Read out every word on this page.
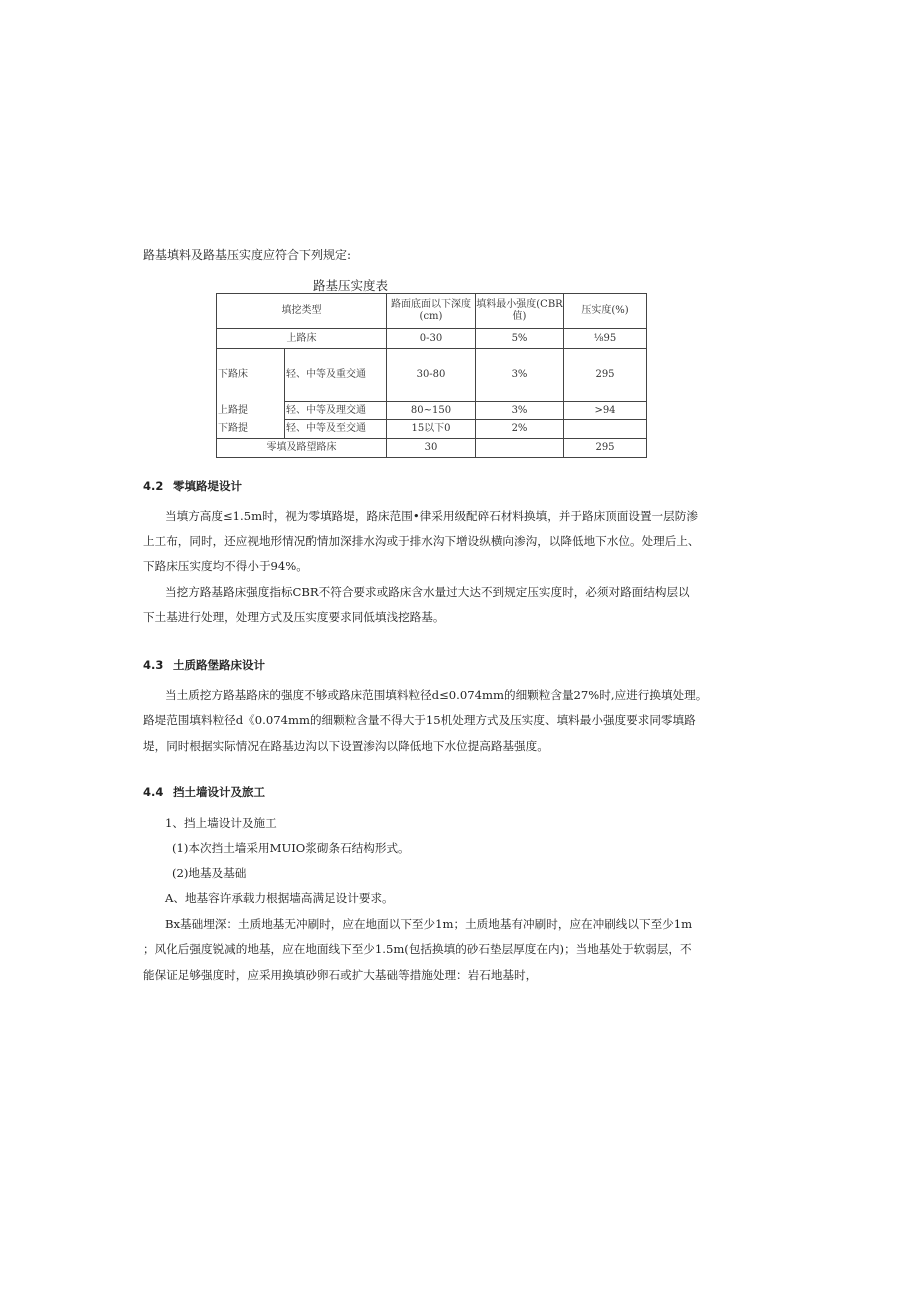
路基填料及路基压实度应符合下列规定:
路基压实度表
填挖类型		路面底面以下深度(cm)	填料最小强度(CBR值)	压实度(%)
上路床		0-30	5%	⅛95
下路床	轻、中等及重交通	30-80	3%	295
上路提	轻、中等及理交通	80~150	3%	>94
下路提	轻、中等及至交通	15以下0	2%	
零填及路望路床		30		295
4.2 零填路堤设计
当填方高度≤1.5m时，视为零填路堤，路床范围•律采用级配碎石材料换填，并于路床顶面设置一层防渗
上工布，同时，还应视地形情况酌情加深排水沟或于排水沟下增设纵横向渗沟，以降低地下水位。处理后上、
下路床压实度均不得小于94%。
当挖方路基路床强度指标CBR不符合要求或路床含水量过大达不到规定压实度时，必须对路面结构层以
下土基进行处理，处理方式及压实度要求同低填浅挖路基。
4.3 土质路堡路床设计
当土质挖方路基路床的强度不够或路床范围填料粒径d≤0.074mm的细颗粒含量27%时,应进行换填处理。
路堤范围填料粒径d《0.074mm的细颗粒含量不得大于15机处理方式及压实度、填料最小强度要求同零填路
堤，同时根据实际情况在路基边沟以下设置渗沟以降低地下水位提高路基强度。
4.4 挡土墙设计及旅工
1、挡上墙设计及施工
(1)本次挡土墙采用MUIO浆砌条石结构形式。
(2)地基及基础
A、地基容许承载力根据墙高满足设计要求。
Bx基础埋深：土质地基无冲刷时，应在地面以下至少1m；土质地基有冲刷时，应在冲刷线以下至少1m
；风化后强度锐减的地基，应在地面线下至少1.5m(包括换填的砂石垫层厚度在内)；当地基处于软弱层，不
能保证足够强度时，应采用换填砂卵石或扩大基础等措施处理：岩石地基时，
